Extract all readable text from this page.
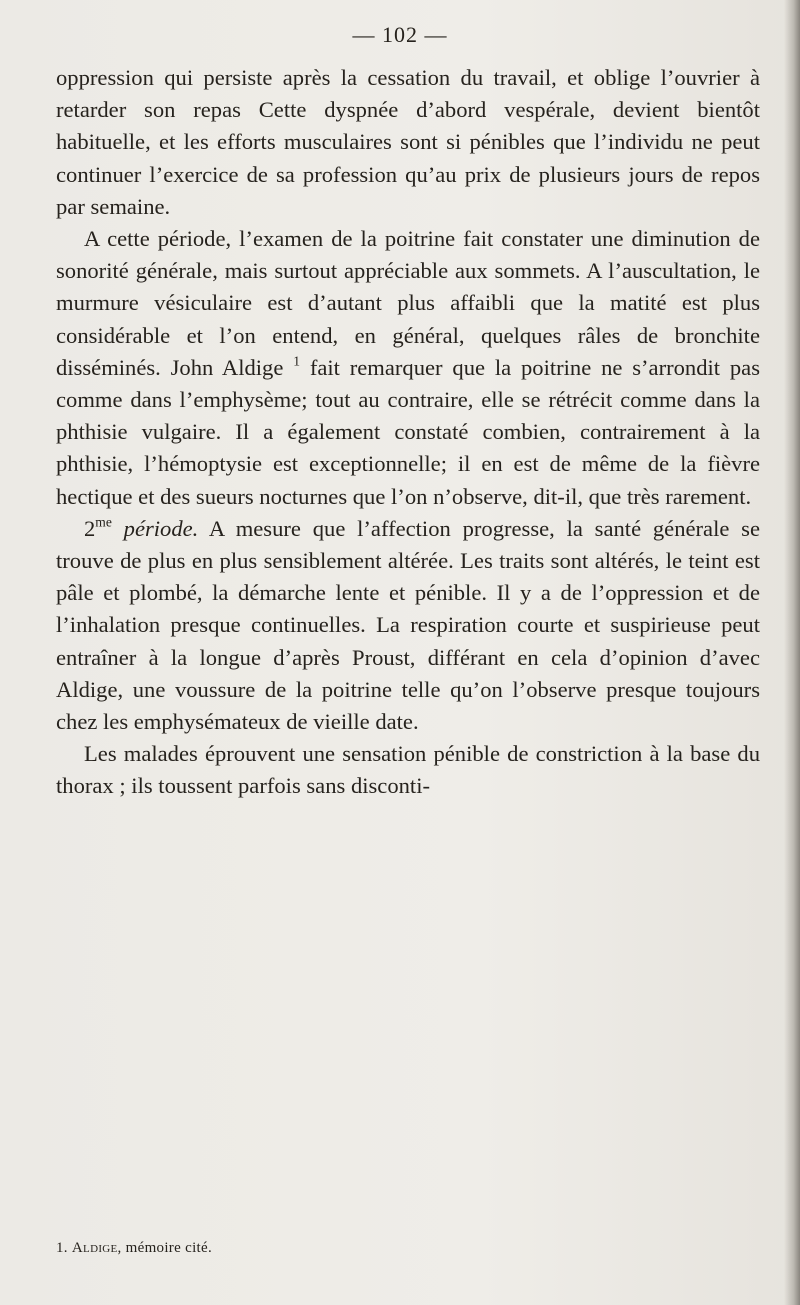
— 102 —

oppression qui persiste après la cessation du travail, et oblige l’ouvrier à retarder son repas Cette dyspnée d’abord vespérale, devient bientôt habituelle, et les efforts musculaires sont si pénibles que l’individu ne peut continuer l’exercice de sa profession qu’au prix de plusieurs jours de repos par semaine.

A cette période, l’examen de la poitrine fait constater une diminution de sonorité générale, mais surtout appréciable aux sommets. A l’auscultation, le murmure vésiculaire est d’autant plus affaibli que la matité est plus considérable et l’on entend, en général, quelques râles de bronchite disséminés. John Aldige $^1$ fait remarquer que la poitrine ne s’arrondit pas comme dans l’emphysème; tout au contraire, elle se rétrécit comme dans la phthisie vulgaire. Il a également constaté combien, contrairement à la phthisie, l’hémoptysie est exceptionnelle; il en est de même de la fièvre hectique et des sueurs nocturnes que l’on n’observe, dit-il, que très rarement.

$2^{me}$ période. A mesure que l’affection progresse, la santé générale se trouve de plus en plus sensiblement altérée. Les traits sont altérés, le teint est pâle et plombé, la démarche lente et pénible. Il y a de l’oppression et de l’inhalation presque continuelles. La respiration courte et suspirieuse peut entraîner à la longue d’après Proust, différant en cela d’opinion d’avec Aldige, une voussure de la poitrine telle qu’on l’observe presque toujours chez les emphysémateux de vieille date.

Les malades éprouvent une sensation pénible de constriction à la base du thorax ; ils toussent parfois sans disconti-

1. Aldige, mémoire cité.
